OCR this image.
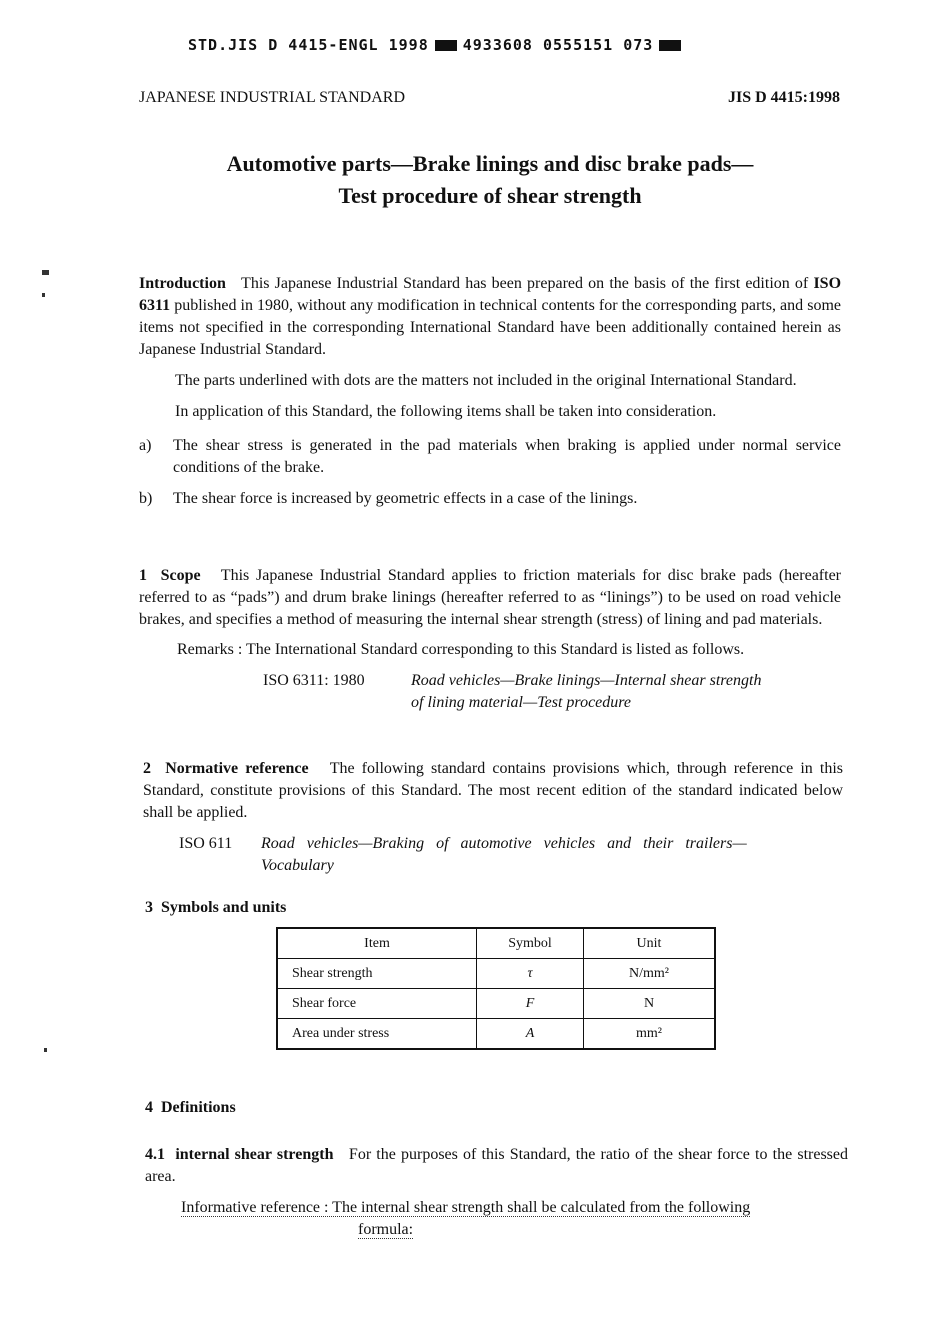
STD.JIS D 4415-ENGL 1998 4933608 0555151 073
JAPANESE INDUSTRIAL STANDARD	JIS D 4415:1998
Automotive parts—Brake linings and disc brake pads—
Test procedure of shear strength

Introduction This Japanese Industrial Standard has been prepared on the basis of the first edition of ISO 6311 published in 1980, without any modification in technical contents for the corresponding parts, and some items not specified in the corresponding International Standard have been additionally contained herein as Japanese Industrial Standard.

The parts underlined with dots are the matters not included in the original International Standard.

In application of this Standard, the following items shall be taken into consideration.

a)	The shear stress is generated in the pad materials when braking is applied under normal service conditions of the brake.

b)	The shear force is increased by geometric effects in a case of the linings.

1 Scope This Japanese Industrial Standard applies to friction materials for disc brake pads (hereafter referred to as “pads”) and drum brake linings (hereafter referred to as “linings”) to be used on road vehicle brakes, and specifies a method of measuring the internal shear strength (stress) of lining and pad materials.

Remarks : The International Standard corresponding to this Standard is listed as follows.

ISO 6311: 1980	Road vehicles—Brake linings—Internal shear strength
of lining material—Test procedure

2 Normative reference The following standard contains provisions which, through reference in this Standard, constitute provisions of this Standard. The most recent edition of the standard indicated below shall be applied.

ISO 611	Road vehicles—Braking of automotive vehicles and their trailers—
Vocabulary
3 Symbols and units
Item	Symbol	Unit
Shear strength	τ	N/mm²
Shear force	F	N
Area under stress	A	mm²
4 Definitions

4.1 internal shear strength For the purposes of this Standard, the ratio of the shear force to the stressed area.

Informative reference : The internal shear strength shall be calculated from the following
formula:
